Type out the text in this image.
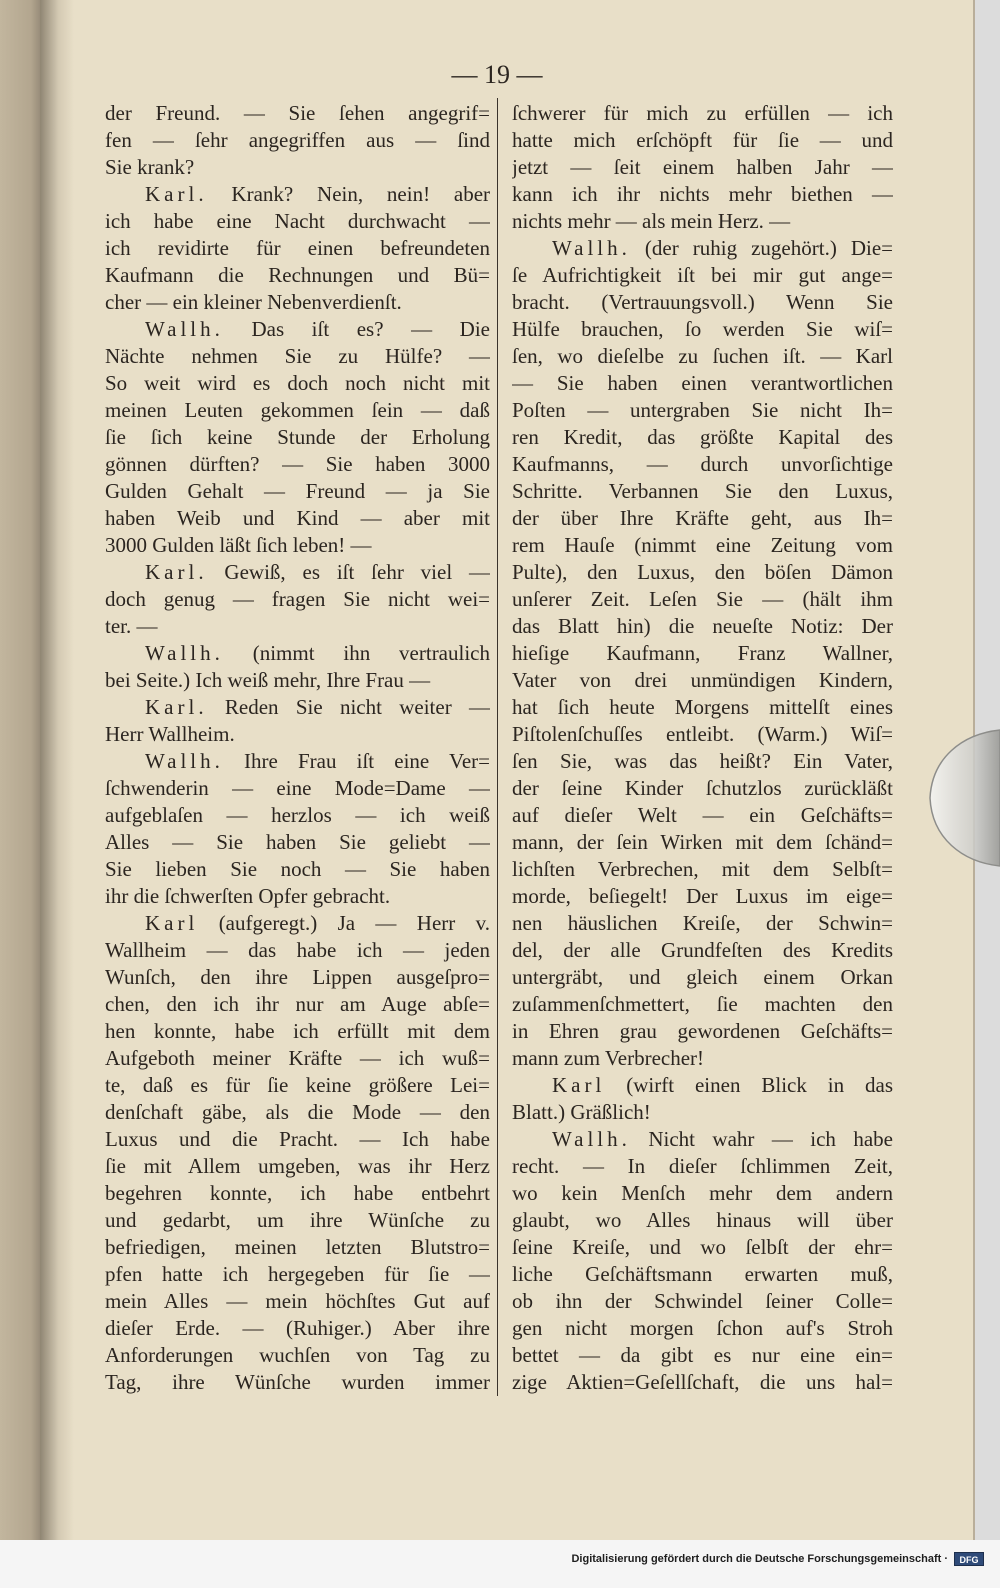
— 19 —
der Freund. — Sie ſehen angegrif=
fen — ſehr angegriffen aus — ſind
Sie krank?
Karl. Krank? Nein, nein! aber
ich habe eine Nacht durchwacht —
ich revidirte für einen befreundeten
Kaufmann die Rechnungen und Bü=
cher — ein kleiner Nebenverdienſt.
Wallh. Das iſt es? — Die
Nächte nehmen Sie zu Hülfe? —
So weit wird es doch noch nicht mit
meinen Leuten gekommen ſein — daß
ſie ſich keine Stunde der Erholung
gönnen dürften? — Sie haben 3000
Gulden Gehalt — Freund — ja Sie
haben Weib und Kind — aber mit
3000 Gulden läßt ſich leben! —
Karl. Gewiß, es iſt ſehr viel —
doch genug — fragen Sie nicht wei=
ter. —
Wallh. (nimmt ihn vertraulich
bei Seite.) Ich weiß mehr, Ihre Frau —
Karl. Reden Sie nicht weiter —
Herr Wallheim.
Wallh. Ihre Frau iſt eine Ver=
ſchwenderin — eine Mode=Dame —
aufgeblaſen — herzlos — ich weiß
Alles — Sie haben Sie geliebt —
Sie lieben Sie noch — Sie haben
ihr die ſchwerſten Opfer gebracht.
Karl (aufgeregt.) Ja — Herr v.
Wallheim — das habe ich — jeden
Wunſch, den ihre Lippen ausgeſpro=
chen, den ich ihr nur am Auge abſe=
hen konnte, habe ich erfüllt mit dem
Aufgeboth meiner Kräfte — ich wuß=
te, daß es für ſie keine größere Lei=
denſchaft gäbe, als die Mode — den
Luxus und die Pracht. — Ich habe
ſie mit Allem umgeben, was ihr Herz
begehren konnte, ich habe entbehrt
und gedarbt, um ihre Wünſche zu
befriedigen, meinen letzten Blutstro=
pfen hatte ich hergegeben für ſie —
mein Alles — mein höchſtes Gut auf
dieſer Erde. — (Ruhiger.) Aber ihre
Anforderungen wuchſen von Tag zu
Tag, ihre Wünſche wurden immer
ſchwerer für mich zu erfüllen — ich
hatte mich erſchöpft für ſie — und
jetzt — ſeit einem halben Jahr —
kann ich ihr nichts mehr biethen —
nichts mehr — als mein Herz. —
Wallh. (der ruhig zugehört.) Die=
ſe Aufrichtigkeit iſt bei mir gut ange=
bracht. (Vertrauungsvoll.) Wenn Sie
Hülfe brauchen, ſo werden Sie wiſ=
ſen, wo dieſelbe zu ſuchen iſt. — Karl
— Sie haben einen verantwortlichen
Poſten — untergraben Sie nicht Ih=
ren Kredit, das größte Kapital des
Kaufmanns, — durch unvorſichtige
Schritte. Verbannen Sie den Luxus,
der über Ihre Kräfte geht, aus Ih=
rem Hauſe (nimmt eine Zeitung vom
Pulte), den Luxus, den böſen Dämon
unſerer Zeit. Leſen Sie — (hält ihm
das Blatt hin) die neueſte Notiz: Der
hieſige Kaufmann, Franz Wallner,
Vater von drei unmündigen Kindern,
hat ſich heute Morgens mittelſt eines
Piſtolenſchuſſes entleibt. (Warm.) Wiſ=
ſen Sie, was das heißt? Ein Vater,
der ſeine Kinder ſchutzlos zurückläßt
auf dieſer Welt — ein Geſchäfts=
mann, der ſein Wirken mit dem ſchänd=
lichſten Verbrechen, mit dem Selbſt=
morde, beſiegelt! Der Luxus im eige=
nen häuslichen Kreiſe, der Schwin=
del, der alle Grundfeſten des Kredits
untergräbt, und gleich einem Orkan
zuſammenſchmettert, ſie machten den
in Ehren grau gewordenen Geſchäfts=
mann zum Verbrecher!
Karl (wirft einen Blick in das
Blatt.) Gräßlich!
Wallh. Nicht wahr — ich habe
recht. — In dieſer ſchlimmen Zeit,
wo kein Menſch mehr dem andern
glaubt, wo Alles hinaus will über
ſeine Kreiſe, und wo ſelbſt der ehr=
liche Geſchäftsmann erwarten muß,
ob ihn der Schwindel ſeiner Colle=
gen nicht morgen ſchon auf's Stroh
bettet — da gibt es nur eine ein=
zige Aktien=Geſellſchaft, die uns hal=
Digitalisierung gefördert durch die Deutsche Forschungsgemeinschaft ·	DFG
